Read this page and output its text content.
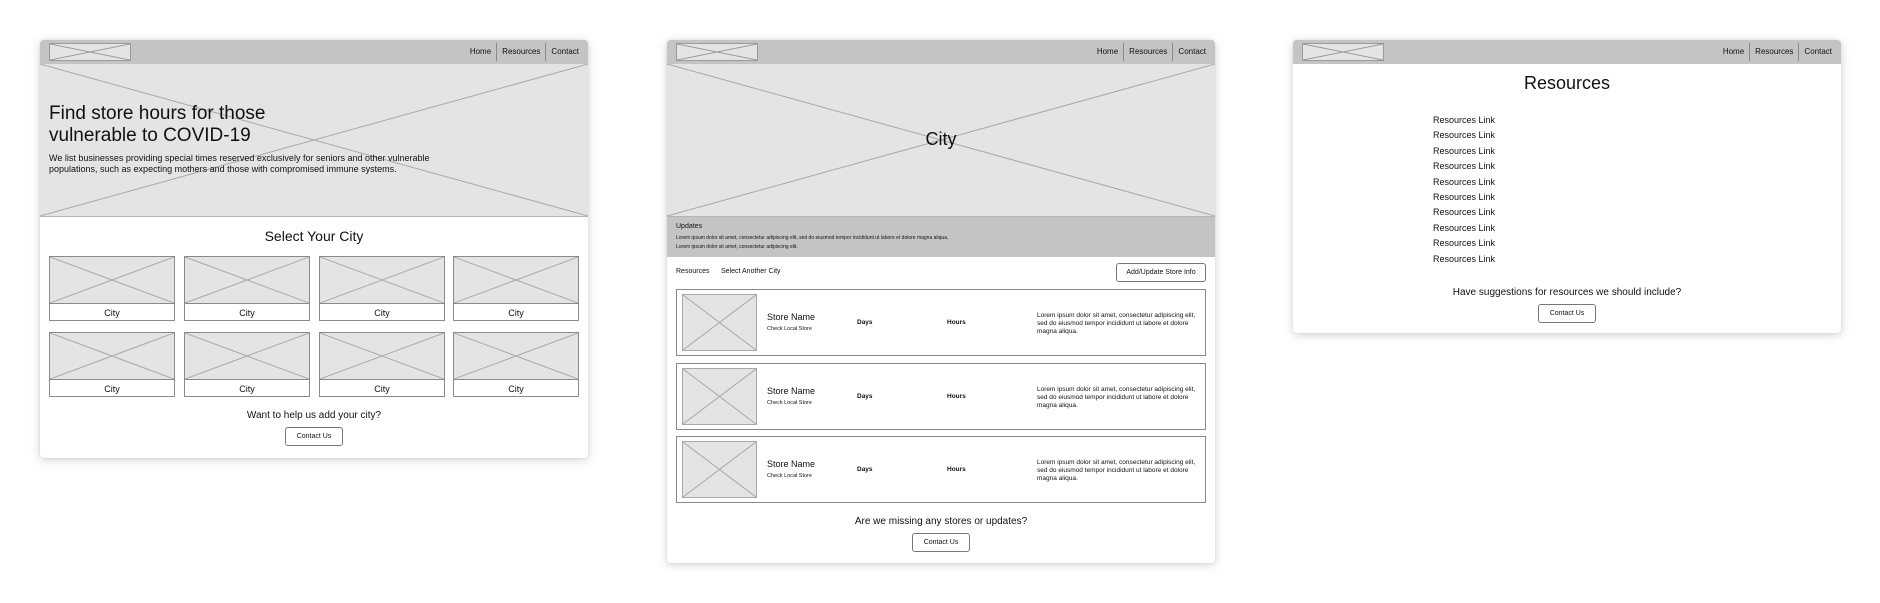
Home	Resources	Contact
Find store hours for those
vulnerable to COVID-19
We list businesses providing special times reserved exclusively for seniors and other vulnerable
populations, such as expecting mothers and those with compromised immune systems.
Select Your City
City	City	City	City
City	City	City	City
Want to help us add your city?
Contact Us
Home	Resources	Contact
City
Updates
Lorem ipsum dolor sit amet, consectetur adipiscing elit, sed do eiusmod tempor incididunt ut labore et dolore magna aliqua.
Lorem ipsum dolor sit amet, consectetur adipiscing elit.
Resources Select Another City	Add/Update Store Info
Store Name
Check Local Store
Days	Hours
Lorem ipsum dolor sit amet, consectetur adipiscing elit, sed do eiusmod tempor incididunt ut labore et dolore magna aliqua.
Store Name
Check Local Store
Days	Hours
Lorem ipsum dolor sit amet, consectetur adipiscing elit, sed do eiusmod tempor incididunt ut labore et dolore magna aliqua.
Store Name
Check Local Store
Days	Hours
Lorem ipsum dolor sit amet, consectetur adipiscing elit, sed do eiusmod tempor incididunt ut labore et dolore magna aliqua.
Are we missing any stores or updates?
Contact Us
Home	Resources	Contact
Resources
Resources Link
Resources Link
Resources Link
Resources Link
Resources Link
Resources Link
Resources Link
Resources Link
Resources Link
Resources Link
Have suggestions for resources we should include?
Contact Us
